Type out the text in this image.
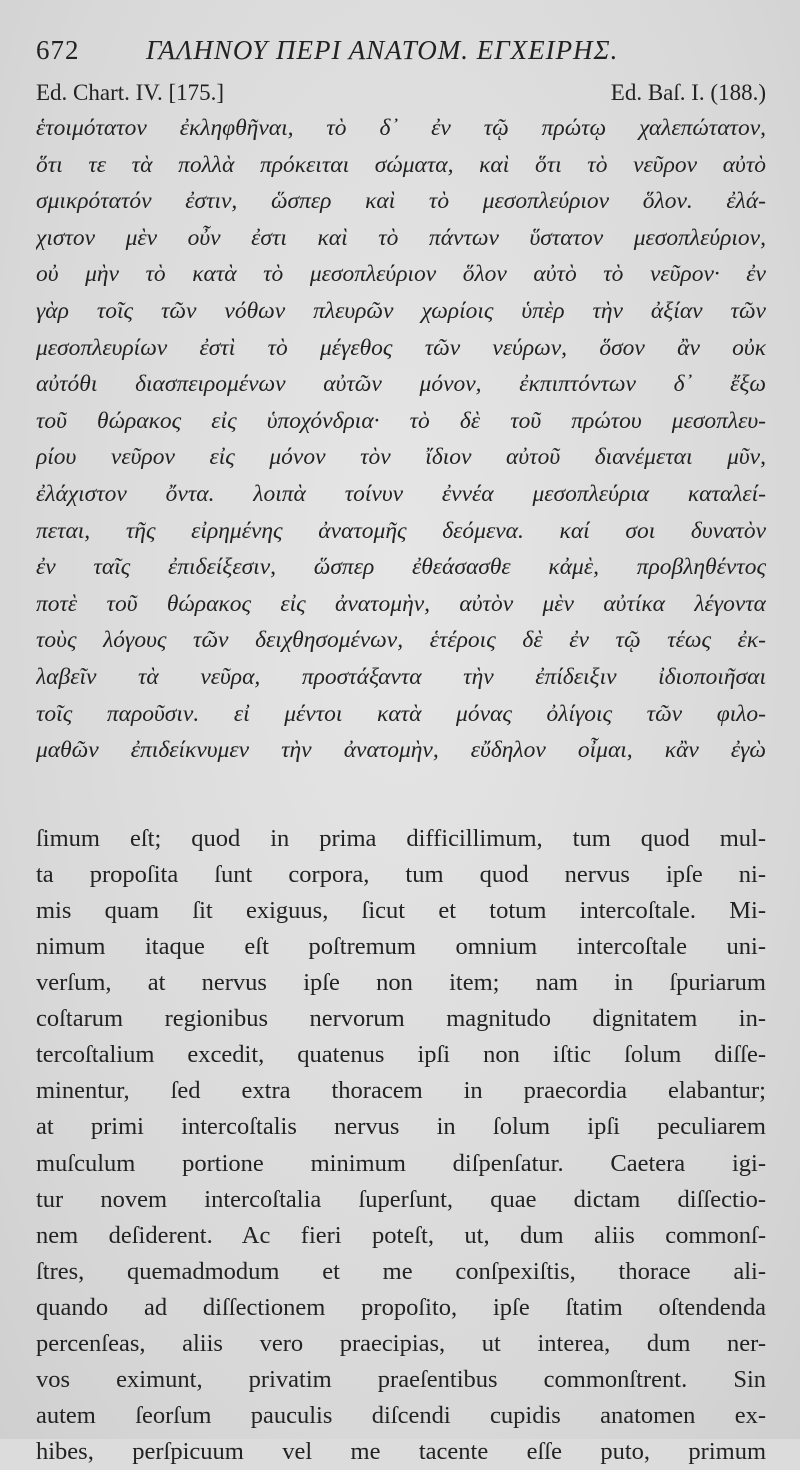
672 ΓΑΛΗΝΟΥ ΠΕΡΙ ΑΝΑΤΟΜ. ΕΓΧΕΙΡΗΣ.
Ed. Chart. IV. [175.]	Ed. Baſ. I. (188.)
ἑτοιμότατον ἐκληφθῆναι, τὸ δ᾽ ἐν τῷ πρώτῳ χαλεπώτατον,
ὅτι τε τὰ πολλὰ πρόκειται σώματα, καὶ ὅτι τὸ νεῦρον αὐτὸ
σμικρότατόν ἐστιν, ὥσπερ καὶ τὸ μεσοπλεύριον ὅλον. ἐλά-
χιστον μὲν οὖν ἐστι καὶ τὸ πάντων ὕστατον μεσοπλεύριον,
οὐ μὴν τὸ κατὰ τὸ μεσοπλεύριον ὅλον αὐτὸ τὸ νεῦρον· ἐν
γὰρ τοῖς τῶν νόθων πλευρῶν χωρίοις ὑπὲρ τὴν ἀξίαν τῶν
μεσοπλευρίων ἐστὶ τὸ μέγεθος τῶν νεύρων, ὅσον ἂν οὐκ
αὐτόθι διασπειρομένων αὐτῶν μόνον, ἐκπιπτόντων δ᾽ ἔξω
τοῦ θώρακος εἰς ὑποχόνδρια· τὸ δὲ τοῦ πρώτου μεσοπλευ-
ρίου νεῦρον εἰς μόνον τὸν ἴδιον αὐτοῦ διανέμεται μῦν,
ἐλάχιστον ὄντα. λοιπὰ τοίνυν ἐννέα μεσοπλεύρια καταλεί-
πεται, τῆς εἰρημένης ἀνατομῆς δεόμενα. καί σοι δυνατὸν
ἐν ταῖς ἐπιδείξεσιν, ὥσπερ ἐθεάσασθε κἀμὲ, προβληθέντος
ποτὲ τοῦ θώρακος εἰς ἀνατομὴν, αὐτὸν μὲν αὐτίκα λέγοντα
τοὺς λόγους τῶν δειχθησομένων, ἑτέροις δὲ ἐν τῷ τέως ἐκ-
λαβεῖν τὰ νεῦρα, προστάξαντα τὴν ἐπίδειξιν ἰδιοποιῆσαι
τοῖς παροῦσιν. εἰ μέντοι κατὰ μόνας ὀλίγοις τῶν φιλο-
μαθῶν ἐπιδείκνυμεν τὴν ἀνατομὴν, εὔδηλον οἶμαι, κἂν ἐγὼ
ſimum eſt; quod in prima difficillimum, tum quod mul-
ta propoſita ſunt corpora, tum quod nervus ipſe ni-
mis quam ſit exiguus, ſicut et totum intercoſtale. Mi-
nimum itaque eſt poſtremum omnium intercoſtale uni-
verſum, at nervus ipſe non item; nam in ſpuriarum
coſtarum regionibus nervorum magnitudo dignitatem in-
tercoſtalium excedit, quatenus ipſi non iſtic ſolum diſſe-
minentur, ſed extra thoracem in praecordia elabantur;
at primi intercoſtalis nervus in ſolum ipſi peculiarem
muſculum portione minimum diſpenſatur. Caetera igi-
tur novem intercoſtalia ſuperſunt, quae dictam diſſectio-
nem deſiderent. Ac fieri poteſt, ut, dum aliis commonſ-
ſtres, quemadmodum et me conſpexiſtis, thorace ali-
quando ad diſſectionem propoſito, ipſe ſtatim oſtendenda
percenſeas, aliis vero praecipias, ut interea, dum ner-
vos eximunt, privatim praeſentibus commonſtrent. Sin
autem ſeorſum pauculis diſcendi cupidis anatomen ex-
hibes, perſpicuum vel me tacente eſſe puto, primum
